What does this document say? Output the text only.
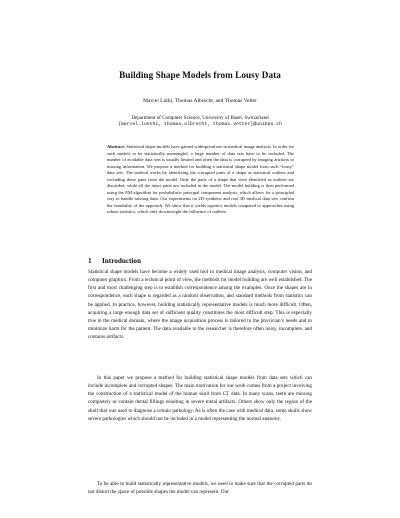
Building Shape Models from Lousy Data
Marcel Lüthi, Thomas Albrecht, and Thomas Vetter
Department of Computer Science, University of Basel, Switzerland
{marcel.luethi, thomas.albrecht, thomas.vetter}@unibas.ch
Abstract. Statistical shape models have gained widespread use in medical image analysis. In order for such models to be statistically meaningful, a large number of data sets have to be included. The number of available data sets is usually limited and often the data is corrupted by imaging artifacts or missing information. We propose a method for building a statistical shape model from such “lousy” data sets. The method works by identifying the corrupted parts of a shape as statistical outliers and excluding these parts from the model. Only the parts of a shape that were identified as outliers are discarded, while all the intact parts are included in the model. The model building is then performed using the EM algorithm for probabilistic principal component analysis, which allows for a principled way to handle missing data. Our experiments on 2D synthetic and real 3D medical data sets confirm the feasibility of the approach. We show that it yields superior models compared to approaches using robust statistics, which only downweight the influence of outliers.
1 Introduction

Statistical shape models have become a widely used tool in medical image analysis, computer vision, and computer graphics. From a technical point of view, the methods for model building are well established. The first and most challenging step is to establish correspondence among the examples. Once the shapes are in correspondence, each shape is regarded as a random observation, and standard methods from statistics can be applied. In practice, however, building statistically representative models is much more difficult. Often, acquiring a large enough data set of sufficient quality constitutes the most difficult step. This is especially true in the medical domain, where the image acquisition process is tailored to the physician’s needs and to minimize harm for the patient. The data available to the researcher is therefore often noisy, incomplete, and contains artifacts.

In this paper we propose a method for building statistical shape models from data sets which can include incomplete and corrupted shapes. The main motivation for our work comes from a project involving the construction of a statistical model of the human skull from CT data. In many scans, teeth are missing completely or contain dental fillings resulting in severe metal artifacts. Others show only the region of the skull that was used to diagnose a certain pathology. As is often the case with medical data, some skulls show severe pathologies which should not be included in a model representing the normal anatomy.

To be able to build statistically representative models, we need to make sure that the corrupted parts do not distort the space of possible shapes the model can represent. Our
